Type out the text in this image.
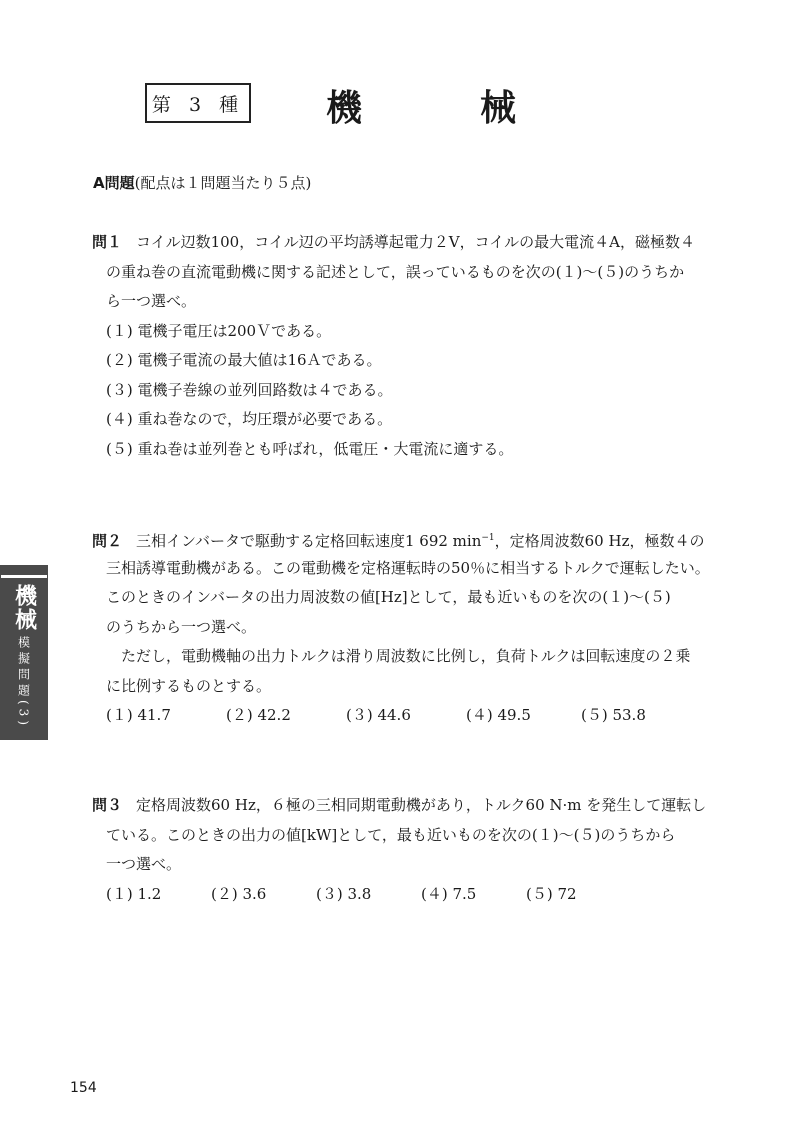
第 3 種 機	械
A問題(配点は１問題当たり５点)
問１ コイル辺数100，コイル辺の平均誘導起電力２V，コイルの最大電流４A，磁極数４
の重ね巻の直流電動機に関する記述として，誤っているものを次の(１)～(５)のうちか
ら一つ選べ。
(１) 電機子電圧は200Ｖである。
(２) 電機子電流の最大値は16Ａである。
(３) 電機子巻線の並列回路数は４である。
(４) 重ね巻なので，均圧環が必要である。
(５) 重ね巻は並列巻とも呼ばれ，低電圧・大電流に適する。
問２ 三相インバータで駆動する定格回転速度1 692 $\min^{-1}$，定格周波数60 Hz，極数４の
三相誘導電動機がある。この電動機を定格運転時の50％に相当するトルクで運転したい。
このときのインバータの出力周波数の値[Hz]として，最も近いものを次の(１)～(５)
のうちから一つ選べ。
ただし，電動機軸の出力トルクは滑り周波数に比例し，負荷トルクは回転速度の２乗
に比例するものとする。
(１) 41.7	(２) 42.2	(３) 44.6	(４) 49.5	(５) 53.8
問３ 定格周波数60 Hz，６極の三相同期電動機があり，トルク60 N·m を発生して運転し
ている。このときの出力の値[kW]として，最も近いものを次の(１)～(５)のうちから
一つ選べ。
(１) 1.2	(２) 3.6	(３) 3.8	(４) 7.5	(５) 72
機械
模擬問題(3)
154
